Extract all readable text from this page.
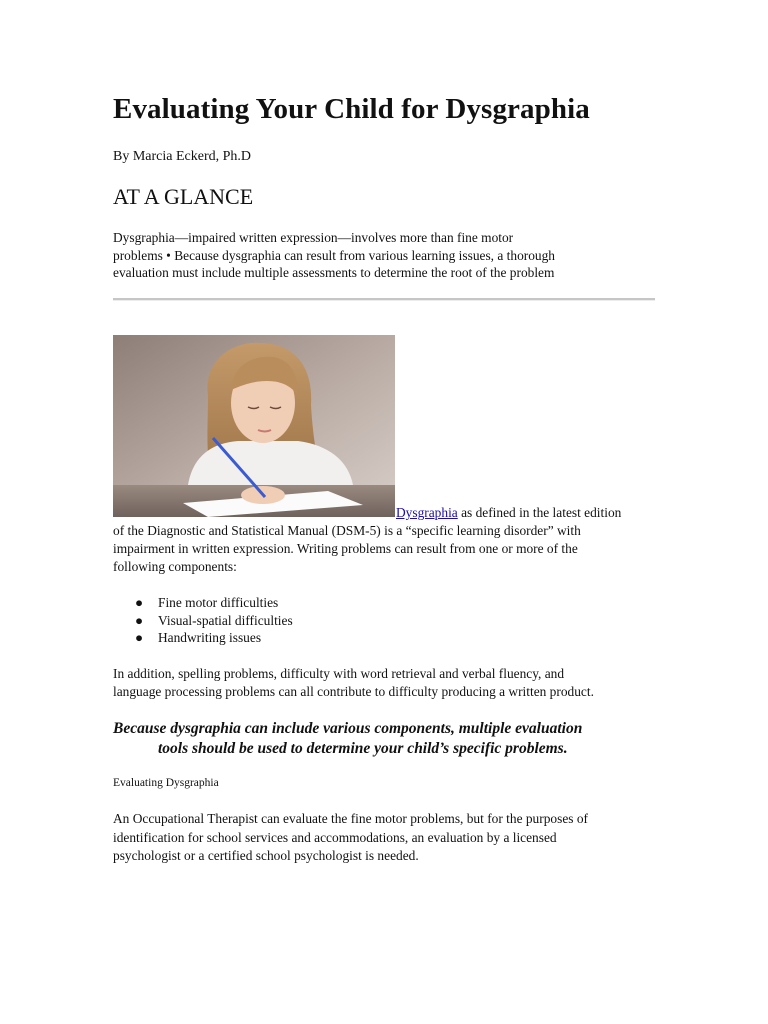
Evaluating Your Child for Dysgraphia
By Marcia Eckerd, Ph.D
AT A GLANCE
Dysgraphia—impaired written expression—involves more than fine motor
problems • Because dysgraphia can result from various learning issues, a thorough
evaluation must include multiple assessments to determine the root of the problem
Dysgraphia as defined in the latest edition
of the Diagnostic and Statistical Manual (DSM-5) is a “specific learning disorder” with
impairment in written expression. Writing problems can result from one or more of the
following components:
● Fine motor difficulties
● Visual-spatial difficulties
● Handwriting issues
In addition, spelling problems, difficulty with word retrieval and verbal fluency, and
language processing problems can all contribute to difficulty producing a written product.
Because dysgraphia can include various components, multiple evaluation
tools should be used to determine your child’s specific problems.
Evaluating Dysgraphia
An Occupational Therapist can evaluate the fine motor problems, but for the purposes of
identification for school services and accommodations, an evaluation by a licensed
psychologist or a certified school psychologist is needed.
